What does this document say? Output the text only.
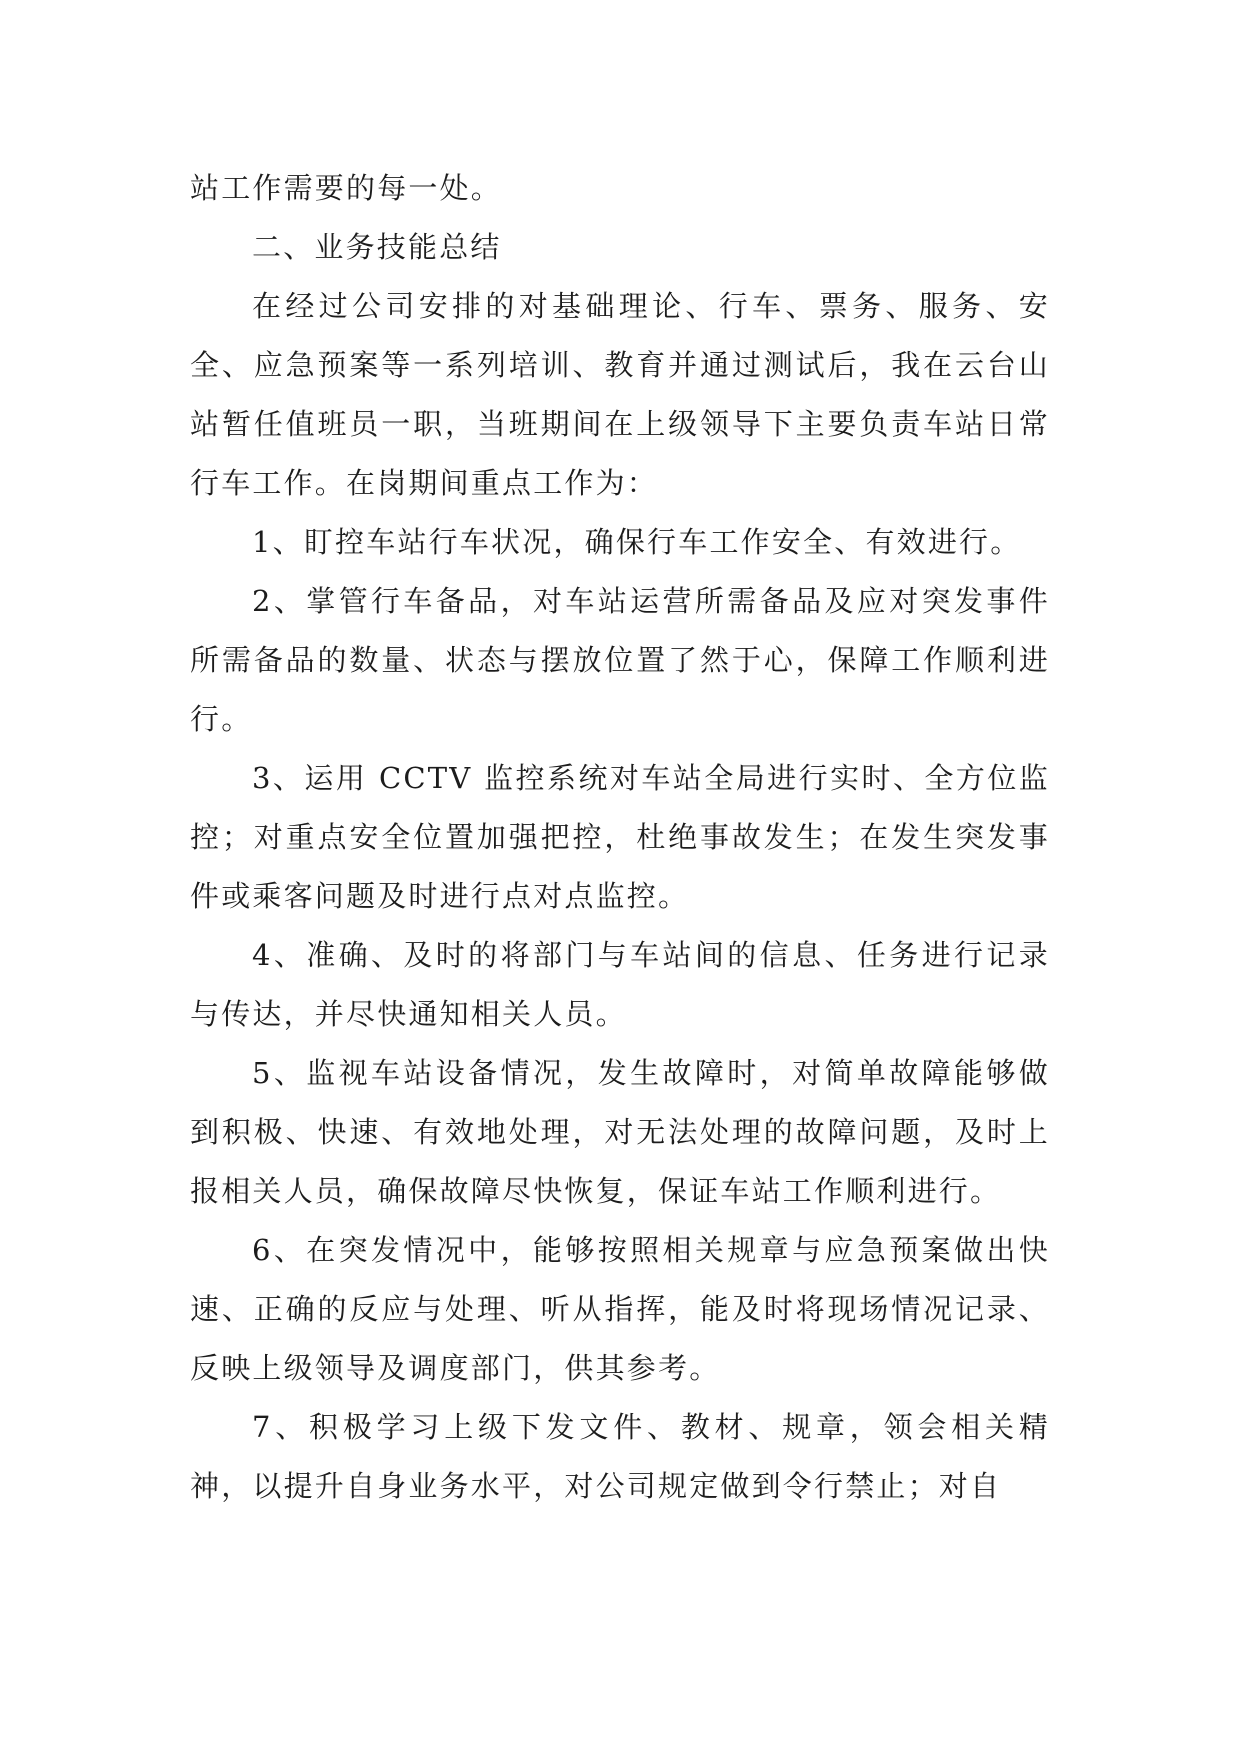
站工作需要的每一处。

二、业务技能总结

在经过公司安排的对基础理论、行车、票务、服务、安全、应急预案等一系列培训、教育并通过测试后，我在云台山站暂任值班员一职，当班期间在上级领导下主要负责车站日常行车工作。在岗期间重点工作为：

1、盯控车站行车状况，确保行车工作安全、有效进行。

2、掌管行车备品，对车站运营所需备品及应对突发事件所需备品的数量、状态与摆放位置了然于心，保障工作顺利进行。

3、运用 CCTV 监控系统对车站全局进行实时、全方位监控；对重点安全位置加强把控，杜绝事故发生；在发生突发事件或乘客问题及时进行点对点监控。

4、准确、及时的将部门与车站间的信息、任务进行记录与传达，并尽快通知相关人员。

5、监视车站设备情况，发生故障时，对简单故障能够做到积极、快速、有效地处理，对无法处理的故障问题，及时上报相关人员，确保故障尽快恢复，保证车站工作顺利进行。

6、在突发情况中，能够按照相关规章与应急预案做出快速、正确的反应与处理、听从指挥，能及时将现场情况记录、反映上级领导及调度部门，供其参考。

7、积极学习上级下发文件、教材、规章，领会相关精神，以提升自身业务水平，对公司规定做到令行禁止；对自
